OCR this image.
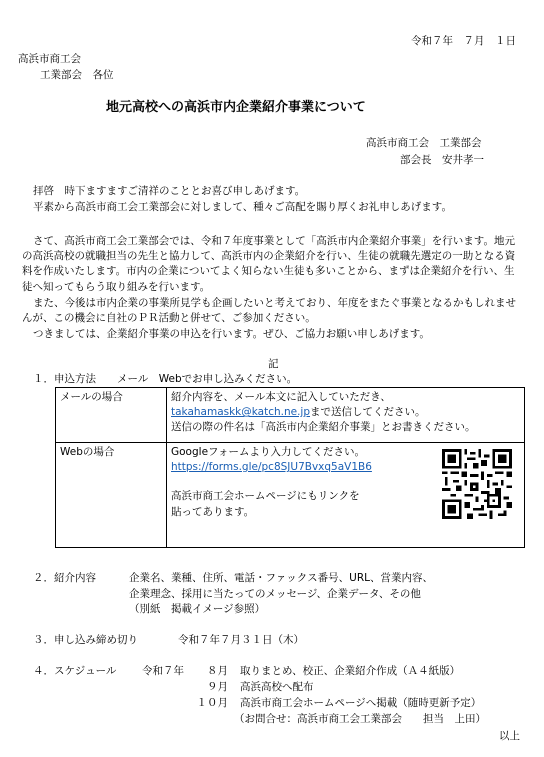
令和７年　７月　１日
高浜市商工会
工業部会　各位
地元高校への高浜市内企業紹介事業について
高浜市商工会　工業部会
部会長　安井孝一
拝啓　時下ますますご清祥のこととお喜び申しあげます。
平素から高浜市商工会工業部会に対しまして、種々ご高配を賜り厚くお礼申しあげます。
さて、高浜市商工会工業部会では、令和７年度事業として「高浜市内企業紹介事業」を行います。地元の高浜高校の就職担当の先生と協力して、高浜市内の企業紹介を行い、生徒の就職先選定の一助となる資料を作成いたします。市内の企業についてよく知らない生徒も多いことから、まずは企業紹介を行い、生徒へ知ってもらう取り組みを行います。
また、今後は市内企業の事業所見学も企画したいと考えており、年度をまたぐ事業となるかもしれませんが、この機会に自社のＰＲ活動と併せて、ご参加ください。
つきましては、企業紹介事業の申込を行います。ぜひ、ご協力お願い申しあげます。
記
１．申込方法　　メール　Webでお申し込みください。
メールの場合	紹介内容を、メール本文に記入していただき、
takahamaskk@katch.ne.jpまで送信してください。
送信の際の件名は「高浜市内企業紹介事業」とお書きください。

Webの場合	Googleフォームより入力してください。
https://forms.gle/pc8SJU7Bvxq5aV1B6
高浜市商工会ホームページにもリンクを
貼ってあります。
２．紹介内容	企業名、業種、住所、電話・ファックス番号、URL、営業内容、
企業理念、採用に当たってのメッセージ、企業データ、その他
（別紙　掲載イメージ参照）
３．申し込み締め切り	令和７年７月３１日（木）
４．スケジュール 令和７年	８月 取りまとめ、校正、企業紹介作成（Ａ４紙版）
９月 高浜高校へ配布
１０月 高浜市商工会ホームページへ掲載（随時更新予定）
（お問合せ：高浜市商工会工業部会　　担当　上田）
以上
